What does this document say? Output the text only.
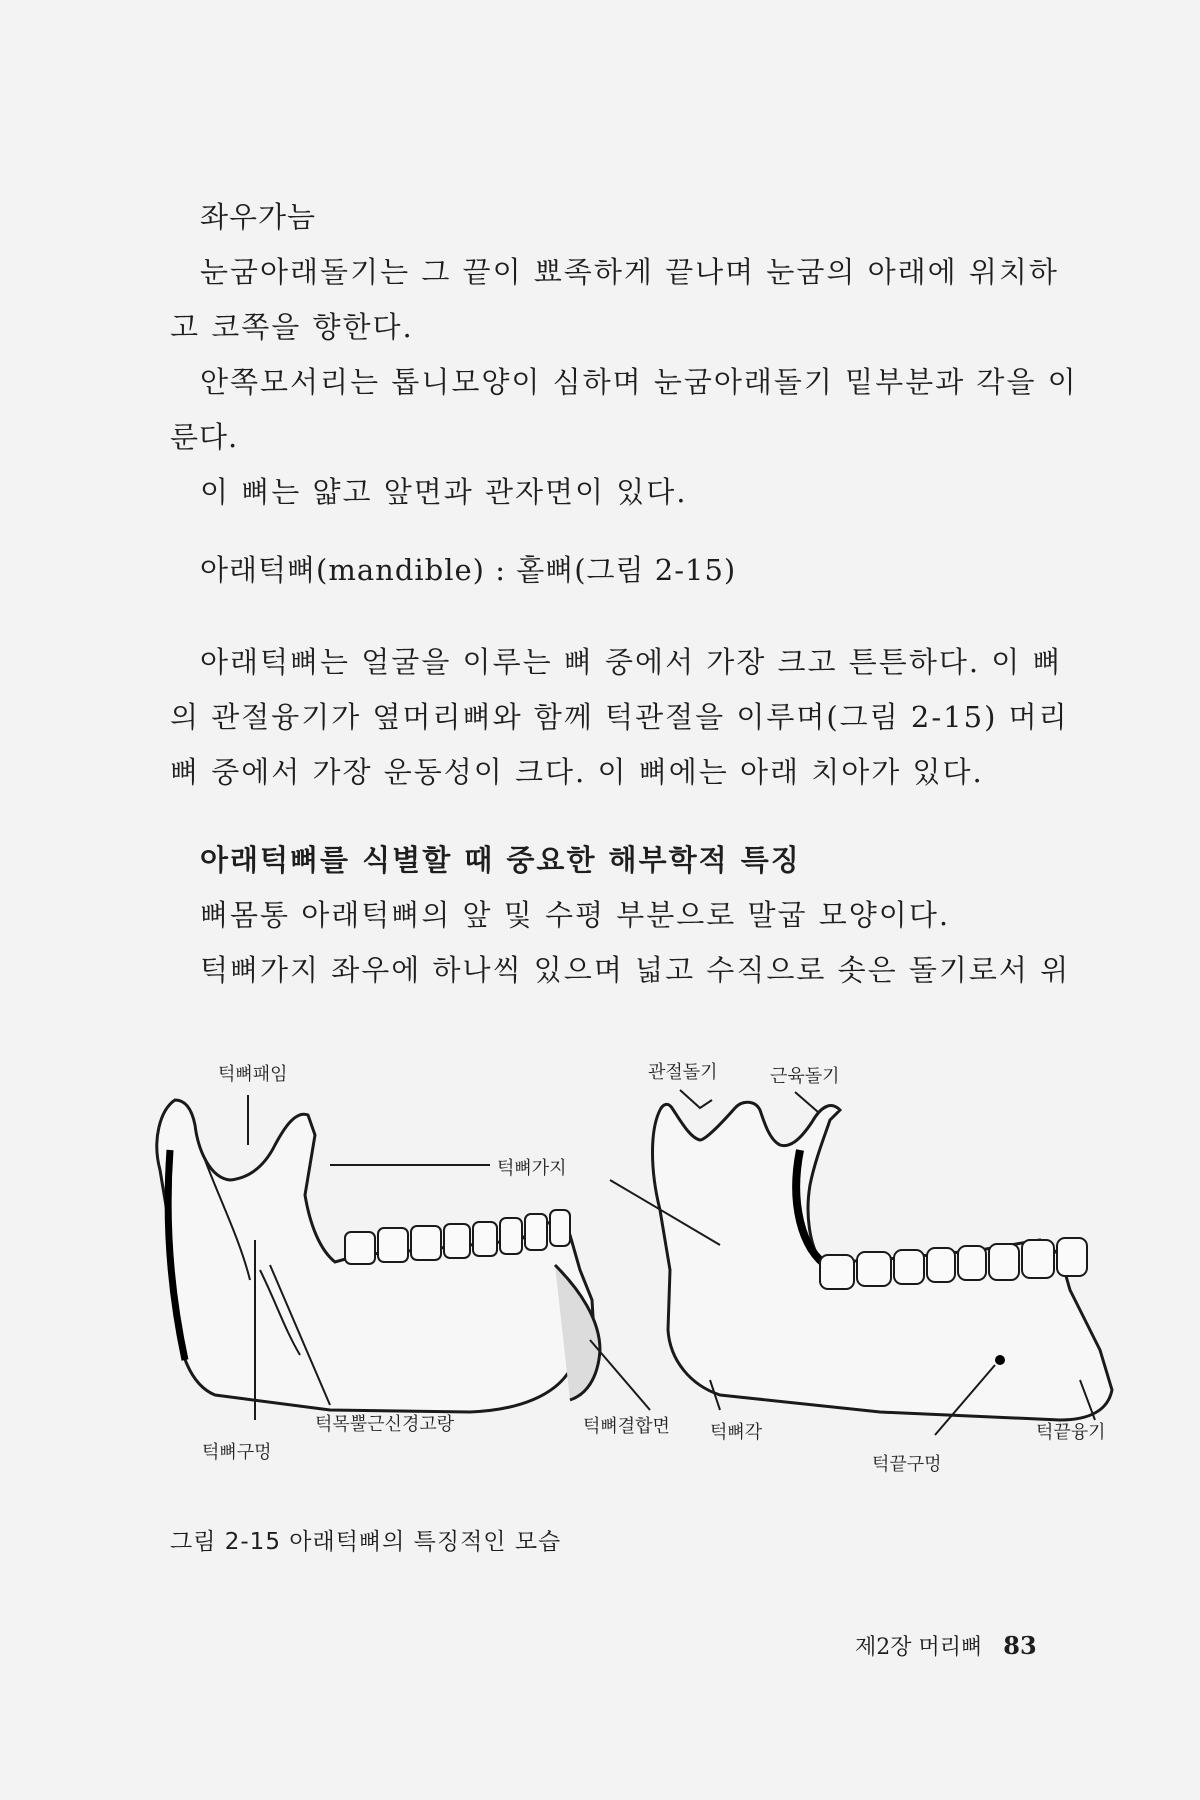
좌우가늠
눈굼아래돌기는 그 끝이 뾰족하게 끝나며 눈굼의 아래에 위치하
고 코쪽을 향한다.
안쪽모서리는 톱니모양이 심하며 눈굼아래돌기 밑부분과 각을 이
룬다.
이 뼈는 얇고 앞면과 관자면이 있다.
아래턱뼈(mandible) : 홑뼈(그림 2-15)
아래턱뼈는 얼굴을 이루는 뼈 중에서 가장 크고 튼튼하다. 이 뼈
의 관절융기가 옆머리뼈와 함께 턱관절을 이루며(그림 2-15) 머리
뼈 중에서 가장 운동성이 크다. 이 뼈에는 아래 치아가 있다.
아래턱뼈를 식별할 때 중요한 해부학적 특징
뼈몸통 아래턱뼈의 앞 및 수평 부분으로 말굽 모양이다.
턱뼈가지 좌우에 하나씩 있으며 넓고 수직으로 솟은 돌기로서 위
턱뼈패임	관절돌기	근육돌기
턱뼈가지
턱목뿔근신경고랑	턱뼈결합면 턱뼈각	턱끝융기
턱뼈구멍
턱끝구멍
그림 2-15 아래턱뼈의 특징적인 모습
제2장 머리뼈 83
